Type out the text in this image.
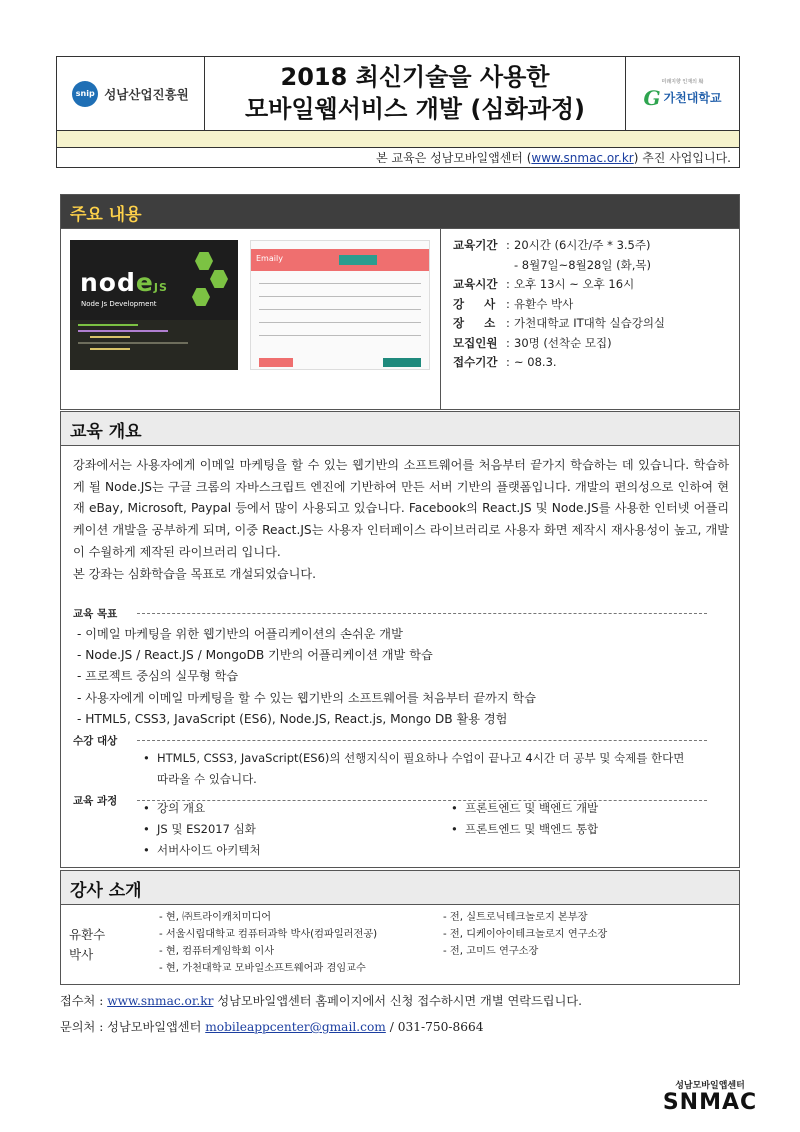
snip 성남산업진흥원
2018 최신기술을 사용한
모바일웹서비스 개발 (심화과정)
미래지향 인재의 場
G 가천대학교
본 교육은 성남모바일앱센터 (www.snmac.or.kr) 추진 사업입니다.
주요 내용
nodeJS
Node Js Development
Emaily
교육기간 : 20시간 (6시간/주 * 3.5주)
- 8월7일~8월28일 (화,목)
교육시간 : 오후 13시 ~ 오후 16시
강     사 : 유환수 박사
장     소 : 가천대학교 IT대학 실습강의실
모집인원 : 30명 (선착순 모집)
접수기간 : ~ 08.3.
교육 개요
강좌에서는 사용자에게 이메일 마케팅을 할 수 있는 웹기반의 소프트웨어를 처음부터 끝가지 학습하는 데 있습니다. 학습하게 될 Node.JS는 구글 크롬의 자바스크립트 엔진에 기반하여 만든 서버 기반의 플랫폼입니다. 개발의 편의성으로 인하여 현재 eBay, Microsoft, Paypal 등에서 많이 사용되고 있습니다. Facebook의 React.JS 및 Node.JS를 사용한 인터넷 어플리케이션 개발을 공부하게 되며, 이중 React.JS는 사용자 인터페이스 라이브러리로 사용자 화면 제작시 재사용성이 높고, 개발이 수월하게 제작된 라이브러리 입니다.
본 강좌는 심화학습을 목표로 개설되었습니다.
교육 목표
- 이메일 마케팅을 위한 웹기반의 어플리케이션의 손쉬운 개발
- Node.JS / React.JS / MongoDB 기반의 어플리케이션 개발 학습
- 프로젝트 중심의 실무형 학습
- 사용자에게 이메일 마케팅을 할 수 있는 웹기반의 소프트웨어를 처음부터 끝까지 학습
- HTML5, CSS3, JavaScript (ES6), Node.JS, React.js, Mongo DB 활용 경험
수강 대상
• HTML5, CSS3, JavaScript(ES6)의 선행지식이 필요하나 수업이 끝나고 4시간 더 공부 및 숙제를 한다면
따라올 수 있습니다.
교육 과정
•	강의 개요
• JS 및 ES2017 심화
• 서버사이드 아키텍처
• 프론트엔드 및 백엔드 개발
• 프론트엔드 및 백엔드 통합
강사 소개
유환수
박사
- 현, ㈜트라이캐치미디어
- 서울시립대학교 컴퓨터과학 박사(컴파일러전공)
- 현, 컴퓨터게임학회 이사
- 현, 가천대학교 모바일소프트웨어과 겸임교수
- 전, 실트로닉테크놀로지 본부장
- 전, 디케이아이테크놀로지 연구소장
- 전, 고미드 연구소장
접수처 : www.snmac.or.kr 성남모바일앱센터 홈페이지에서 신청 접수하시면 개별 연락드립니다.
문의처 : 성남모바일앱센터 mobileappcenter@gmail.com / 031-750-8664
성남모바일앱센터
SNMAC
